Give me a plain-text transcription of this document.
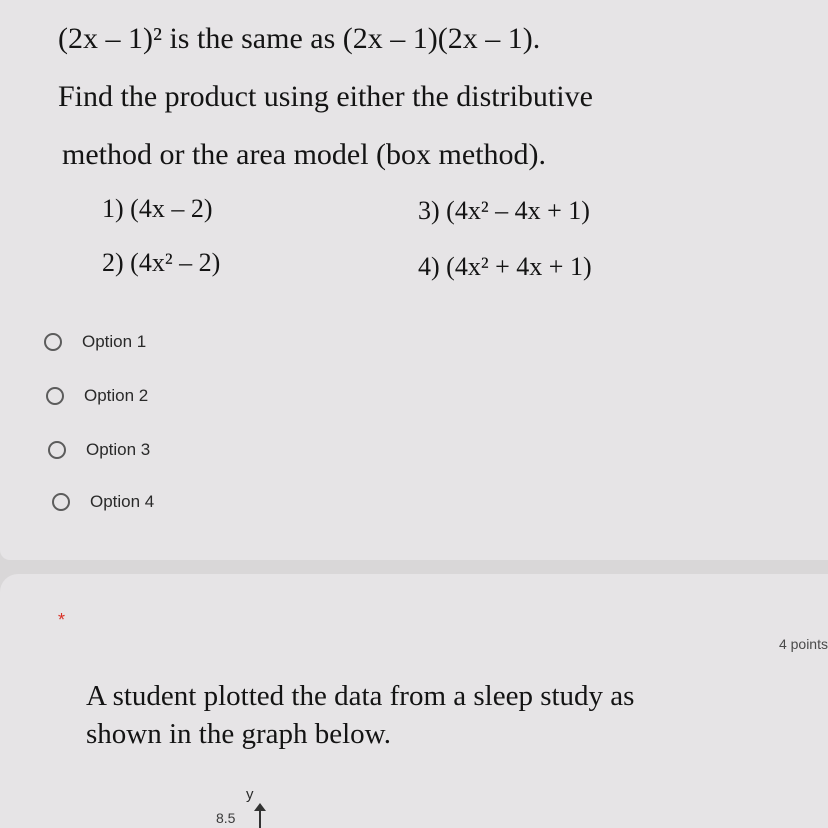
(2x – 1)² is the same as (2x – 1)(2x – 1).
Find the product using either the distributive
method or the area model (box method).
1) (4x – 2)
2) (4x² – 2)
3) (4x² – 4x + 1)
4) (4x² + 4x + 1)
Option 1
Option 2
Option 3
Option 4
*
4 points
A student plotted the data from a sleep study as
shown in the graph below.
y
8.5
